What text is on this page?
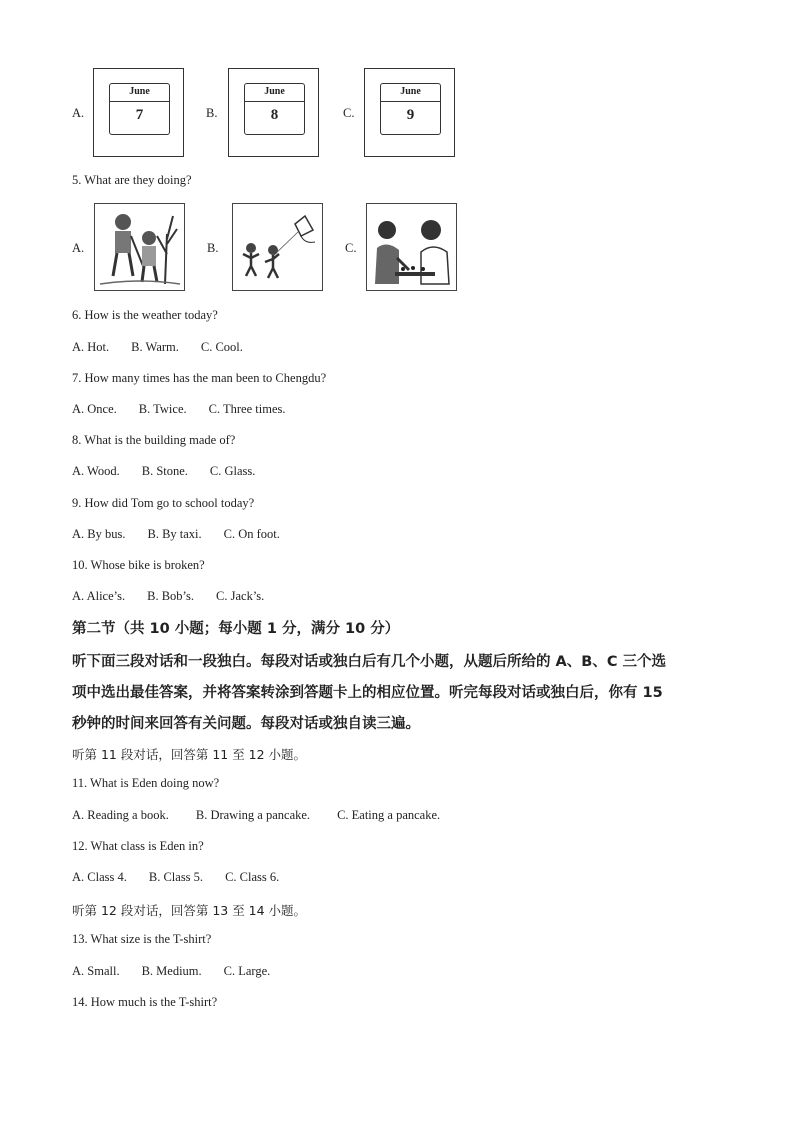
A.
June
7	B.
June
8	C.
June
9
5. What are they doing?
A.	B.	C.
6. How is the weather today?
A. Hot. B. Warm. C. Cool.
7. How many times has the man been to Chengdu?
A. Once. B. Twice. C. Three times.
8. What is the building made of?
A. Wood. B. Stone. C. Glass.
9. How did Tom go to school today?
A. By bus. B. By taxi. C. On foot.
10. Whose bike is broken?
A. Alice’s. B. Bob’s. C. Jack’s.
第二节（共 10 小题；每小题 1 分，满分 10 分）
听下面三段对话和一段独白。每段对话或独白后有几个小题，从题后所给的 A、B、C 三个选
项中选出最佳答案，并将答案转涂到答题卡上的相应位置。听完每段对话或独白后，你有 15
秒钟的时间来回答有关问题。每段对话或独自读三遍。
听第 11 段对话，回答第 11 至 12 小题。
11. What is Eden doing now?
A. Reading a book. B. Drawing a pancake. C. Eating a pancake.
12. What class is Eden in?
A. Class 4. B. Class 5. C. Class 6.
听第 12 段对话，回答第 13 至 14 小题。
13. What size is the T-shirt?
A. Small. B. Medium. C. Large.
14. How much is the T-shirt?
